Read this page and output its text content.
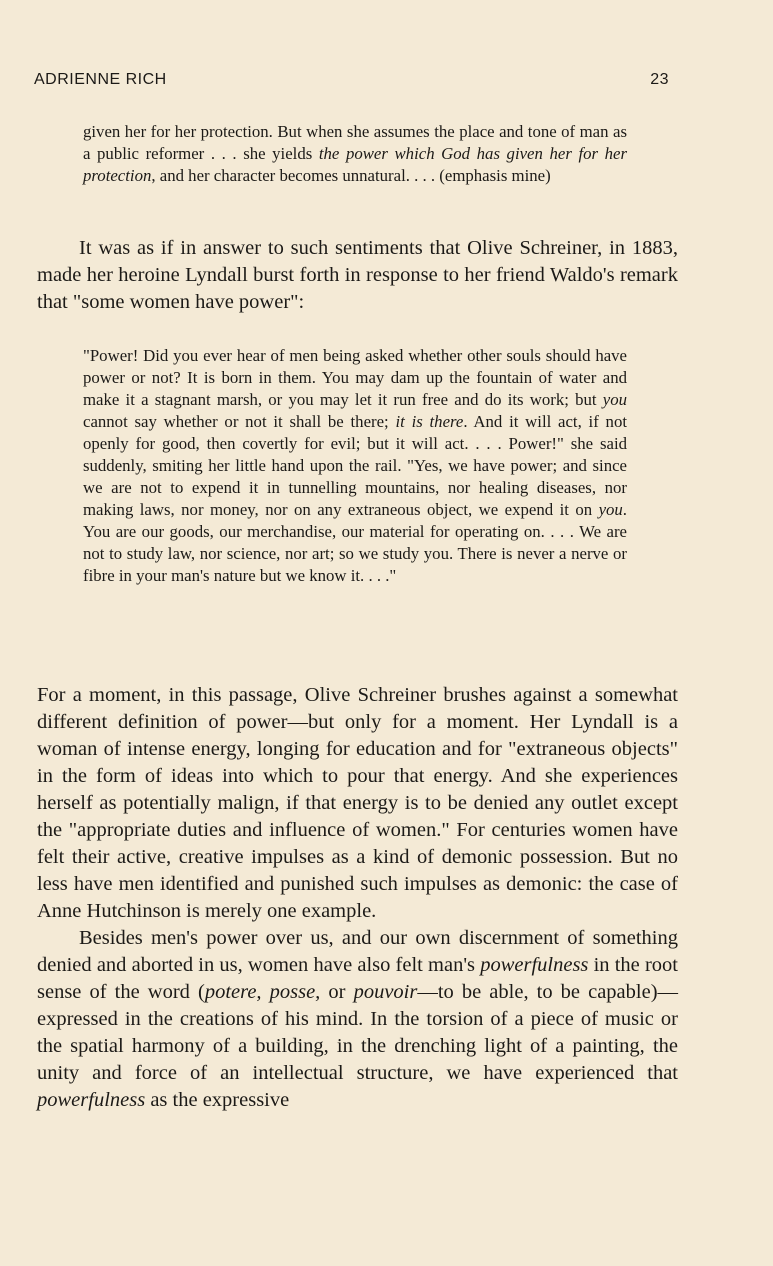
ADRIENNE RICH	23
given her for her protection. But when she assumes the place and tone of man as a public reformer . . . she yields the power which God has given her for her protection, and her character becomes unnatural. . . . (emphasis mine)

It was as if in answer to such sentiments that Olive Schreiner, in 1883, made her heroine Lyndall burst forth in response to her friend Waldo's remark that "some women have power":

"Power! Did you ever hear of men being asked whether other souls should have power or not? It is born in them. You may dam up the fountain of water and make it a stagnant marsh, or you may let it run free and do its work; but you cannot say whether or not it shall be there; it is there. And it will act, if not openly for good, then covertly for evil; but it will act. . . . Power!" she said suddenly, smiting her little hand upon the rail. "Yes, we have power; and since we are not to expend it in tunnelling mountains, nor healing diseases, nor making laws, nor money, nor on any extraneous object, we expend it on you. You are our goods, our merchandise, our material for operating on. . . . We are not to study law, nor science, nor art; so we study you. There is never a nerve or fibre in your man's nature but we know it. . . ."

For a moment, in this passage, Olive Schreiner brushes against a somewhat different definition of power—but only for a moment. Her Lyndall is a woman of intense energy, longing for education and for "extraneous objects" in the form of ideas into which to pour that energy. And she experiences herself as potentially malign, if that energy is to be denied any outlet except the "appropriate duties and influence of women." For centuries women have felt their active, creative impulses as a kind of demonic possession. But no less have men identified and punished such impulses as demonic: the case of Anne Hutchinson is merely one example.

Besides men's power over us, and our own discernment of something denied and aborted in us, women have also felt man's powerfulness in the root sense of the word (potere, posse, or pouvoir—to be able, to be capable)—expressed in the creations of his mind. In the torsion of a piece of music or the spatial harmony of a building, in the drenching light of a painting, the unity and force of an intellectual structure, we have experienced that powerfulness as the expressive
